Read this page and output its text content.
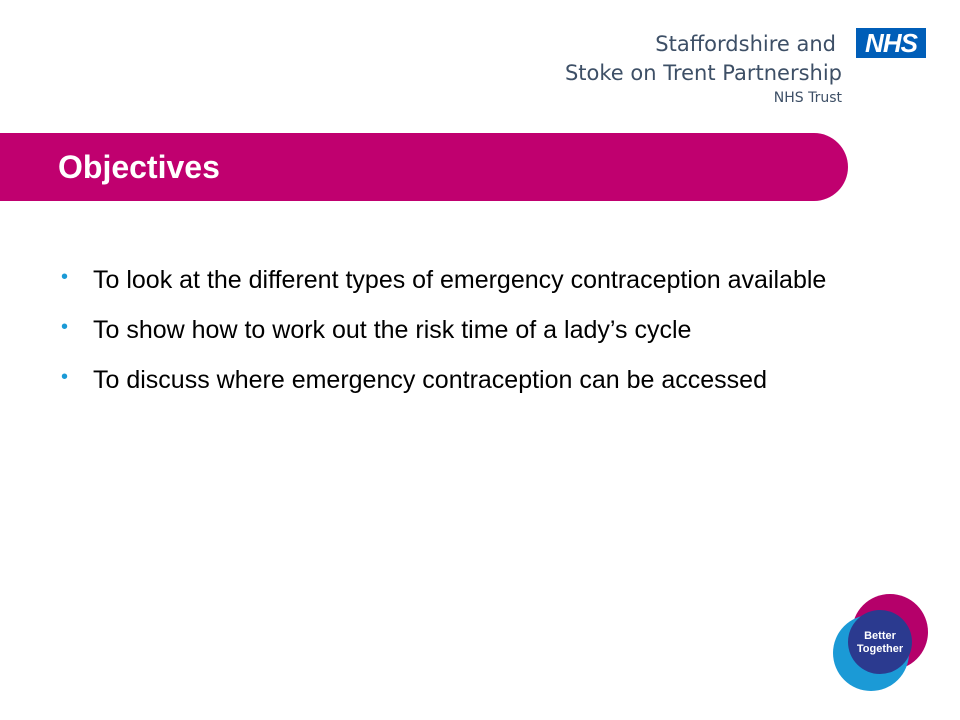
Staffordshire and	NHS
Stoke on Trent Partnership
NHS Trust
Objectives
• To look at the different types of emergency contraception available
• To show how to work out the risk time of a lady’s cycle
• To discuss where emergency contraception can be accessed
Better
Together
